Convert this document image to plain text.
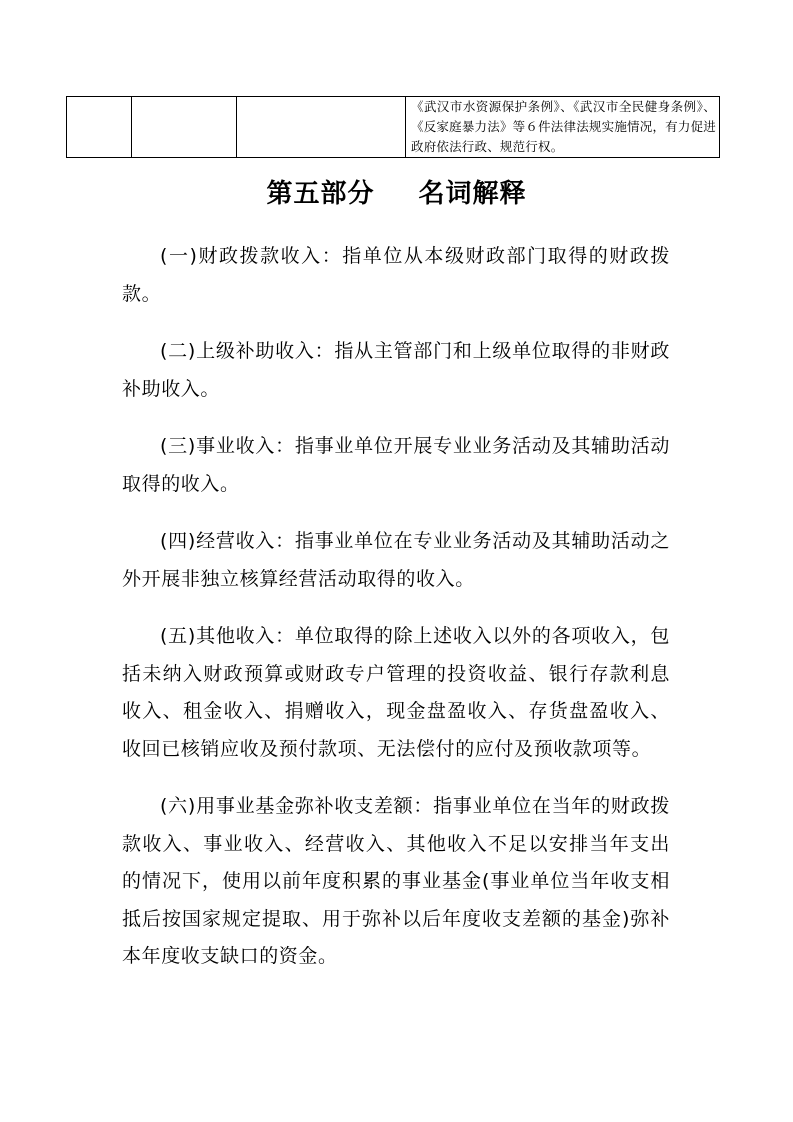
《武汉市水资源保护条例》、《武汉市全民健身条例》、《反家庭暴力法》等６件法律法规实施情况，有力促进政府依法行政、规范行权。
第五部分 名词解释

(一)财政拨款收入：指单位从本级财政部门取得的财政拨款。

(二)上级补助收入：指从主管部门和上级单位取得的非财政补助收入。

(三)事业收入：指事业单位开展专业业务活动及其辅助活动取得的收入。

(四)经营收入：指事业单位在专业业务活动及其辅助活动之外开展非独立核算经营活动取得的收入。

(五)其他收入：单位取得的除上述收入以外的各项收入，包括未纳入财政预算或财政专户管理的投资收益、银行存款利息收入、租金收入、捐赠收入，现金盘盈收入、存货盘盈收入、收回已核销应收及预付款项、无法偿付的应付及预收款项等。

(六)用事业基金弥补收支差额：指事业单位在当年的财政拨款收入、事业收入、经营收入、其他收入不足以安排当年支出的情况下，使用以前年度积累的事业基金(事业单位当年收支相抵后按国家规定提取、用于弥补以后年度收支差额的基金)弥补本年度收支缺口的资金。
